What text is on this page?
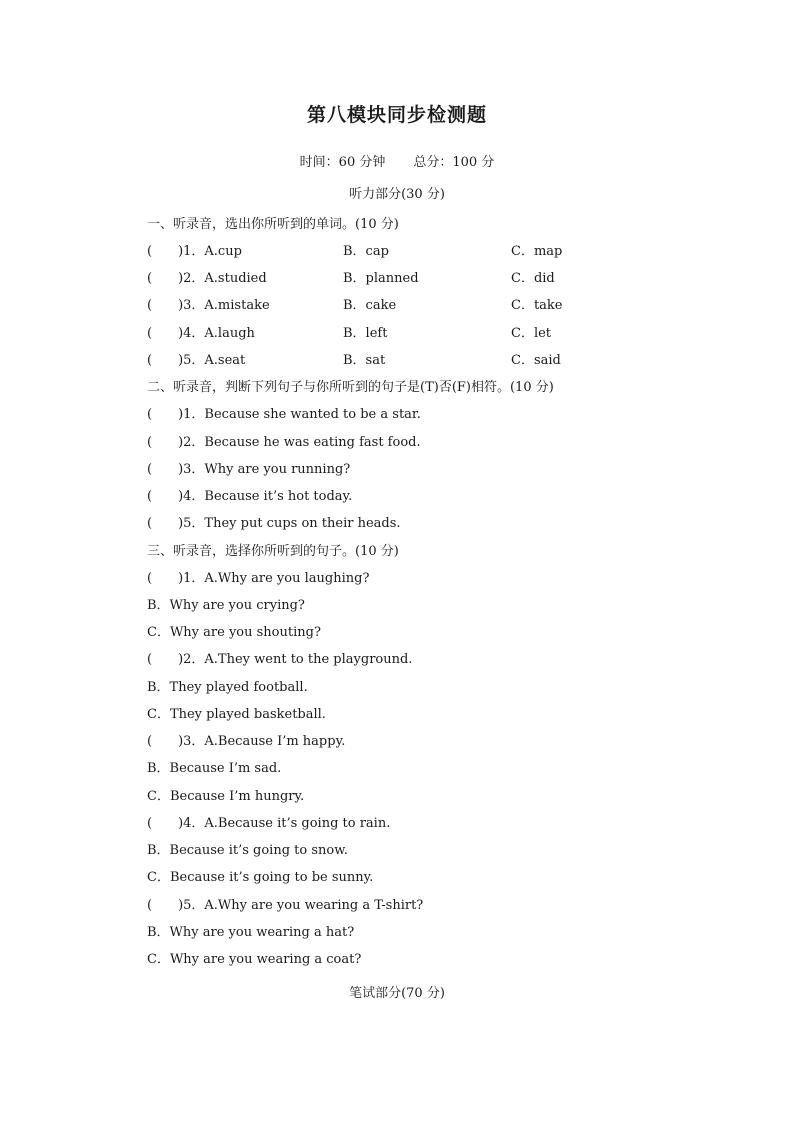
第八模块同步检测题
时间：60 分钟 总分：100 分
听力部分(30 分)
一、听录音，选出你所听到的单词。(10 分)
(　　)1．A.cup	B．cap	C．map
(　　)2．A.studied	B．planned	C．did
(　　)3．A.mistake	B．cake	C．take
(　　)4．A.laugh	B．left	C．let
(　　)5．A.seat	B．sat	C．said
二、听录音，判断下列句子与你所听到的句子是(T)否(F)相符。(10 分)
(　　)1．Because she wanted to be a star.
(　　)2．Because he was eating fast food.
(　　)3．Why are you running?
(　　)4．Because it’s hot today.
(　　)5．They put cups on their heads.
三、听录音，选择你所听到的句子。(10 分)
(　　)1．A.Why are you laughing?
B．Why are you crying?
C．Why are you shouting?
(　　)2．A.They went to the playground.
B．They played football.
C．They played basketball.
(　　)3．A.Because I’m happy.
B．Because I’m sad.
C．Because I’m hungry.
(　　)4．A.Because it’s going to rain.
B．Because it’s going to snow.
C．Because it’s going to be sunny.
(　　)5．A.Why are you wearing a T-shirt?
B．Why are you wearing a hat?
C．Why are you wearing a coat?
笔试部分(70 分)
